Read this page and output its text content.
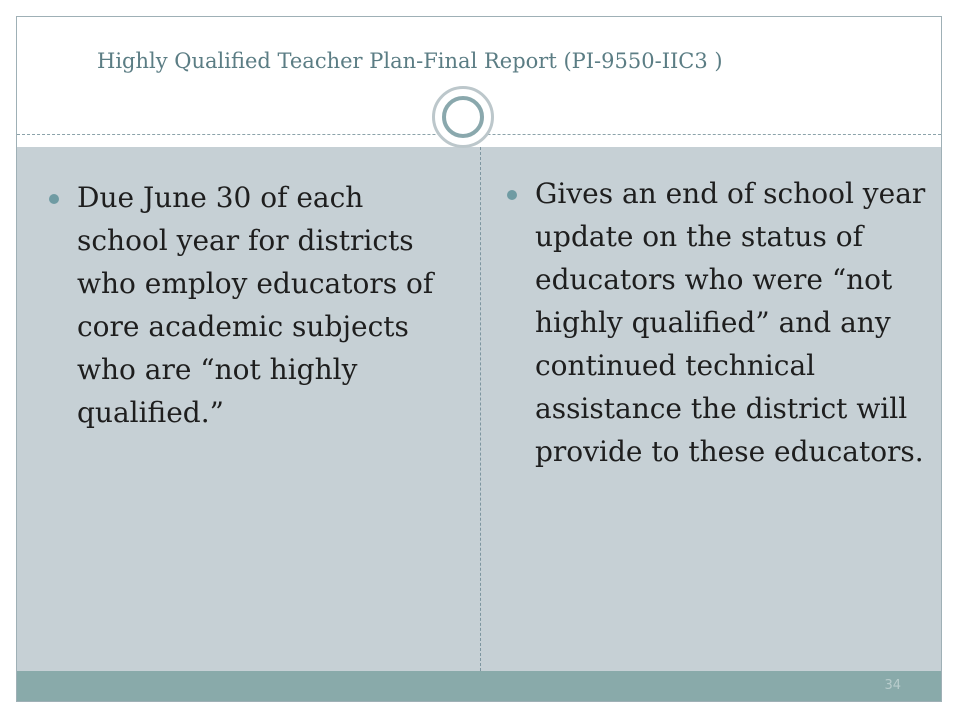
Highly Qualified Teacher Plan-Final Report (PI-9550-IIC3 )
Due June 30 of each school year for districts who employ educators of core academic subjects who are “not highly qualified.”
Gives an end of school year update on the status of educators who were “not highly qualified” and any continued technical assistance the district will provide to these educators.
34
